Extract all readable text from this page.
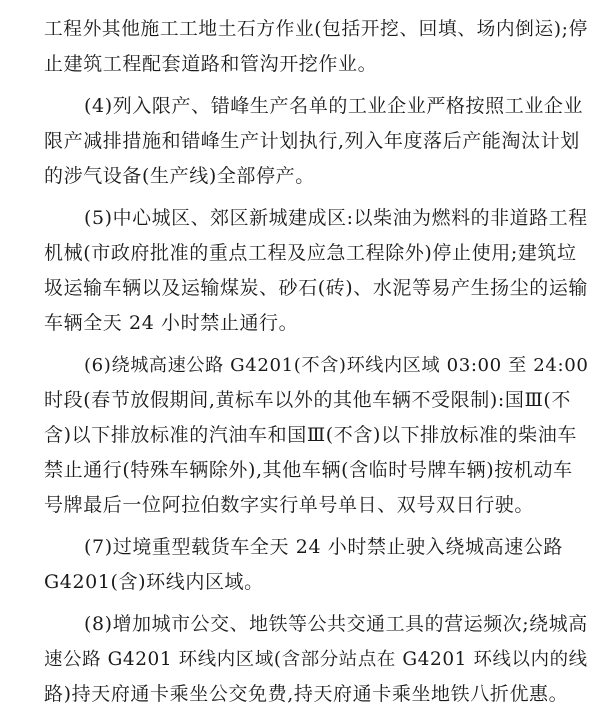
工程外其他施工工地土石方作业(包括开挖、回填、场内倒运);停
止建筑工程配套道路和管沟开挖作业。
(4)列入限产、错峰生产名单的工业企业严格按照工业企业
限产减排措施和错峰生产计划执行,列入年度落后产能淘汰计划
的涉气设备(生产线)全部停产。
(5)中心城区、郊区新城建成区:以柴油为燃料的非道路工程
机械(市政府批准的重点工程及应急工程除外)停止使用;建筑垃
圾运输车辆以及运输煤炭、砂石(砖)、水泥等易产生扬尘的运输
车辆全天 24 小时禁止通行。
(6)绕城高速公路 G4201(不含)环线内区域 03:00 至 24:00
时段(春节放假期间,黄标车以外的其他车辆不受限制):国Ⅲ(不
含)以下排放标准的汽油车和国Ⅲ(不含)以下排放标准的柴油车
禁止通行(特殊车辆除外),其他车辆(含临时号牌车辆)按机动车
号牌最后一位阿拉伯数字实行单号单日、双号双日行驶。
(7)过境重型载货车全天 24 小时禁止驶入绕城高速公路
G4201(含)环线内区域。
(8)增加城市公交、地铁等公共交通工具的营运频次;绕城高
速公路 G4201 环线内区域(含部分站点在 G4201 环线以内的线
路)持天府通卡乘坐公交免费,持天府通卡乘坐地铁八折优惠。
